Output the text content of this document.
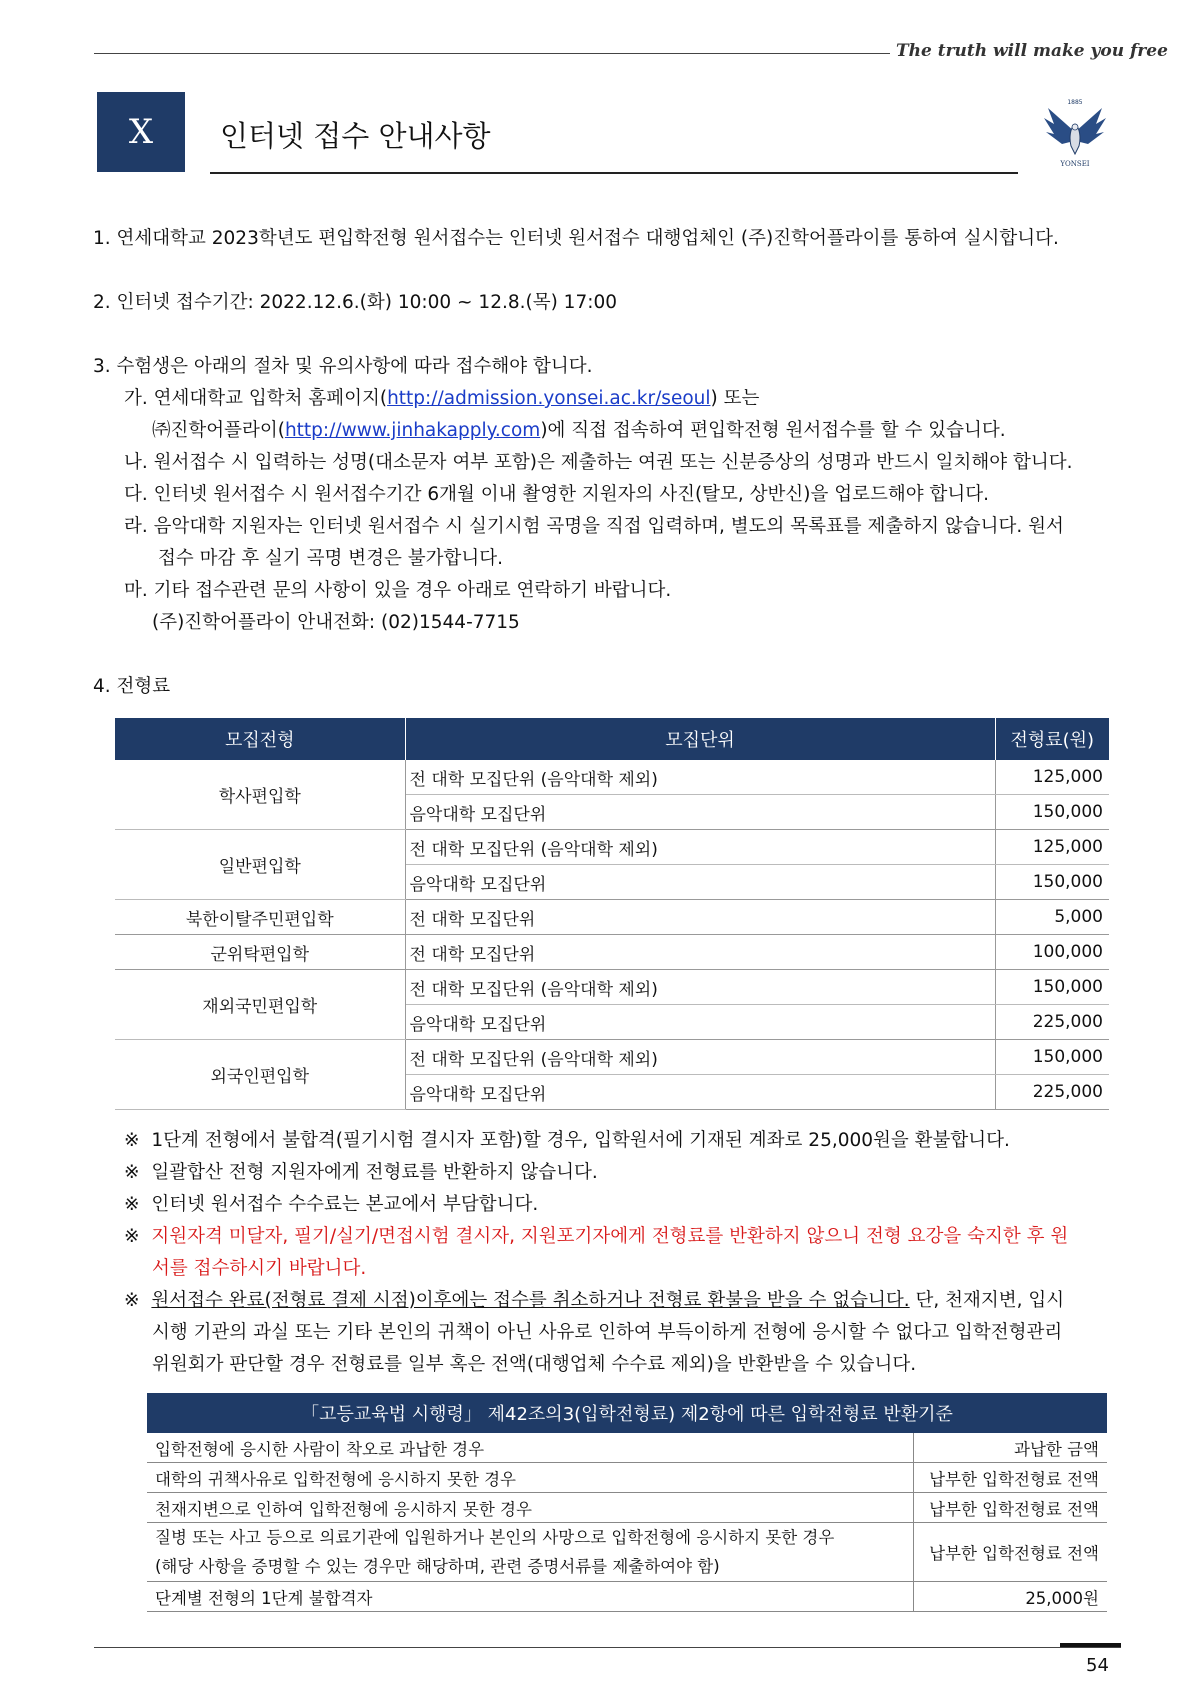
The truth will make you free
X	인터넷 접수 안내사항
1885
YONSEI
1. 연세대학교 2023학년도 편입학전형 원서접수는 인터넷 원서접수 대행업체인 (주)진학어플라이를 통하여 실시합니다.
2. 인터넷 접수기간: 2022.12.6.(화) 10:00 ~ 12.8.(목) 17:00
3. 수험생은 아래의 절차 및 유의사항에 따라 접수해야 합니다.
가. 연세대학교 입학처 홈페이지(http://admission.yonsei.ac.kr/seoul) 또는
㈜진학어플라이(http://www.jinhakapply.com)에 직접 접속하여 편입학전형 원서접수를 할 수 있습니다.
나. 원서접수 시 입력하는 성명(대소문자 여부 포함)은 제출하는 여권 또는 신분증상의 성명과 반드시 일치해야 합니다.
다. 인터넷 원서접수 시 원서접수기간 6개월 이내 촬영한 지원자의 사진(탈모, 상반신)을 업로드해야 합니다.
라. 음악대학 지원자는 인터넷 원서접수 시 실기시험 곡명을 직접 입력하며, 별도의 목록표를 제출하지 않습니다. 원서
접수 마감 후 실기 곡명 변경은 불가합니다.
마. 기타 접수관련 문의 사항이 있을 경우 아래로 연락하기 바랍니다.
(주)진학어플라이 안내전화: (02)1544-7715
4. 전형료
모집전형	모집단위	전형료(원)
학사편입학	전 대학 모집단위 (음악대학 제외)	125,000
	음악대학 모집단위	150,000
일반편입학	전 대학 모집단위 (음악대학 제외)	125,000
	음악대학 모집단위	150,000
북한이탈주민편입학	전 대학 모집단위	5,000
군위탁편입학	전 대학 모집단위	100,000
재외국민편입학	전 대학 모집단위 (음악대학 제외)	150,000
	음악대학 모집단위	225,000
외국인편입학	전 대학 모집단위 (음악대학 제외)	150,000
	음악대학 모집단위	225,000
※ 1단계 전형에서 불합격(필기시험 결시자 포함)할 경우, 입학원서에 기재된 계좌로 25,000원을 환불합니다.
※ 일괄합산 전형 지원자에게 전형료를 반환하지 않습니다.
※ 인터넷 원서접수 수수료는 본교에서 부담합니다.
※ 지원자격 미달자, 필기/실기/면접시험 결시자, 지원포기자에게 전형료를 반환하지 않으니 전형 요강을 숙지한 후 원
서를 접수하시기 바랍니다.
※ 원서접수 완료(전형료 결제 시점)이후에는 접수를 취소하거나 전형료 환불을 받을 수 없습니다. 단, 천재지변, 입시
시행 기관의 과실 또는 기타 본인의 귀책이 아닌 사유로 인하여 부득이하게 전형에 응시할 수 없다고 입학전형관리
위원회가 판단할 경우 전형료를 일부 혹은 전액(대행업체 수수료 제외)을 반환받을 수 있습니다.
「고등교육법 시행령」 제42조의3(입학전형료) 제2항에 따른 입학전형료 반환기준	
입학전형에 응시한 사람이 착오로 과납한 경우	과납한 금액
대학의 귀책사유로 입학전형에 응시하지 못한 경우	납부한 입학전형료 전액
천재지변으로 인하여 입학전형에 응시하지 못한 경우	납부한 입학전형료 전액

질병 또는 사고 등으로 의료기관에 입원하거나 본인의 사망으로 입학전형에 응시하지 못한 경우
(해당 사항을 증명할 수 있는 경우만 해당하며, 관련 증명서류를 제출하여야 함)	납부한 입학전형료 전액
단계별 전형의 1단계 불합격자	25,000원
54
